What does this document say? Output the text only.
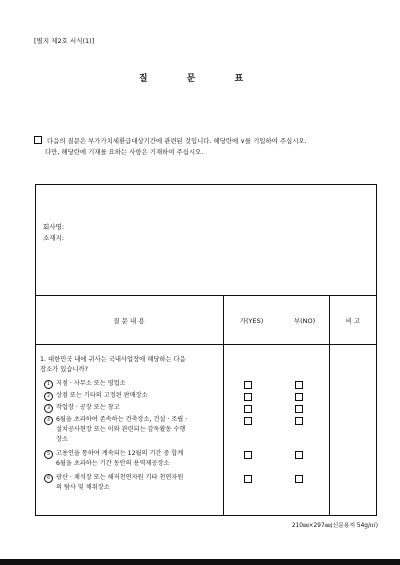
[별지 제2호 서식(1)]
질 문 표
다음의 질문은 부가가치세환급대상기간에 관련된 것입니다. 해당란에 ∨를 기입하여 주십시오.
다만, 해당란에 기재를 요하는 사항은 기재하여 주십시오.
회사명:
소재지:
질 문 내 용	가(YES)	부(NO)	비 고
1. 대한민국 내에 귀사는 국내사업장에 해당하는 다음
장소가 있습니까?
1 지점 · 사무소 또는 영업소
2 상점 또는 기타의 고정된 판매장소
3 작업장 · 공장 또는 창고
4 6월을 초과하여 존속하는 건축장소, 건설 · 조립 ·
설치공사현장 또는 이와 관련되는 감독활동 수행
장소
5 고용인을 통하여 계속되는 12월의 기간 중 합계
6월을 초과하는 기간 동안의 용역제공장소
6 광산 · 채석장 또는 해저천연자원 기타 천연자원
의 탐사 및 채취장소
210㎜×297㎜(신문용지 54g/㎡)
